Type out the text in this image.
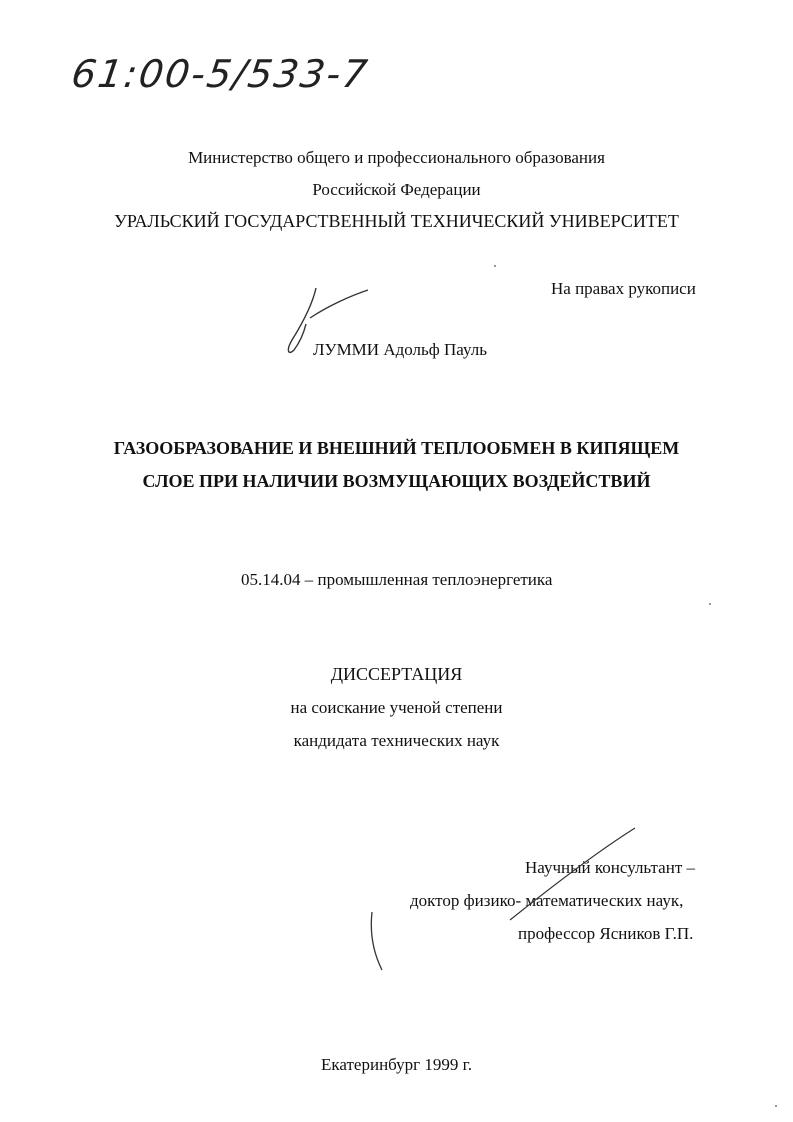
61:00-5/533-7
Министерство общего и профессионального образования
Российской Федерации
УРАЛЬСКИЙ ГОСУДАРСТВЕННЫЙ ТЕХНИЧЕСКИЙ УНИВЕРСИТЕТ
На правах рукописи
ЛУММИ Адольф Пауль
ГАЗООБРАЗОВАНИЕ И ВНЕШНИЙ ТЕПЛООБМЕН В КИПЯЩЕМ
СЛОЕ ПРИ НАЛИЧИИ ВОЗМУЩАЮЩИХ ВОЗДЕЙСТВИЙ
05.14.04 – промышленная теплоэнергетика
ДИССЕРТАЦИЯ
на соискание ученой степени
кандидата технических наук
Научный консультант –
доктор физико- математических наук,
профессор Ясников Г.П.
Екатеринбург 1999 г.
